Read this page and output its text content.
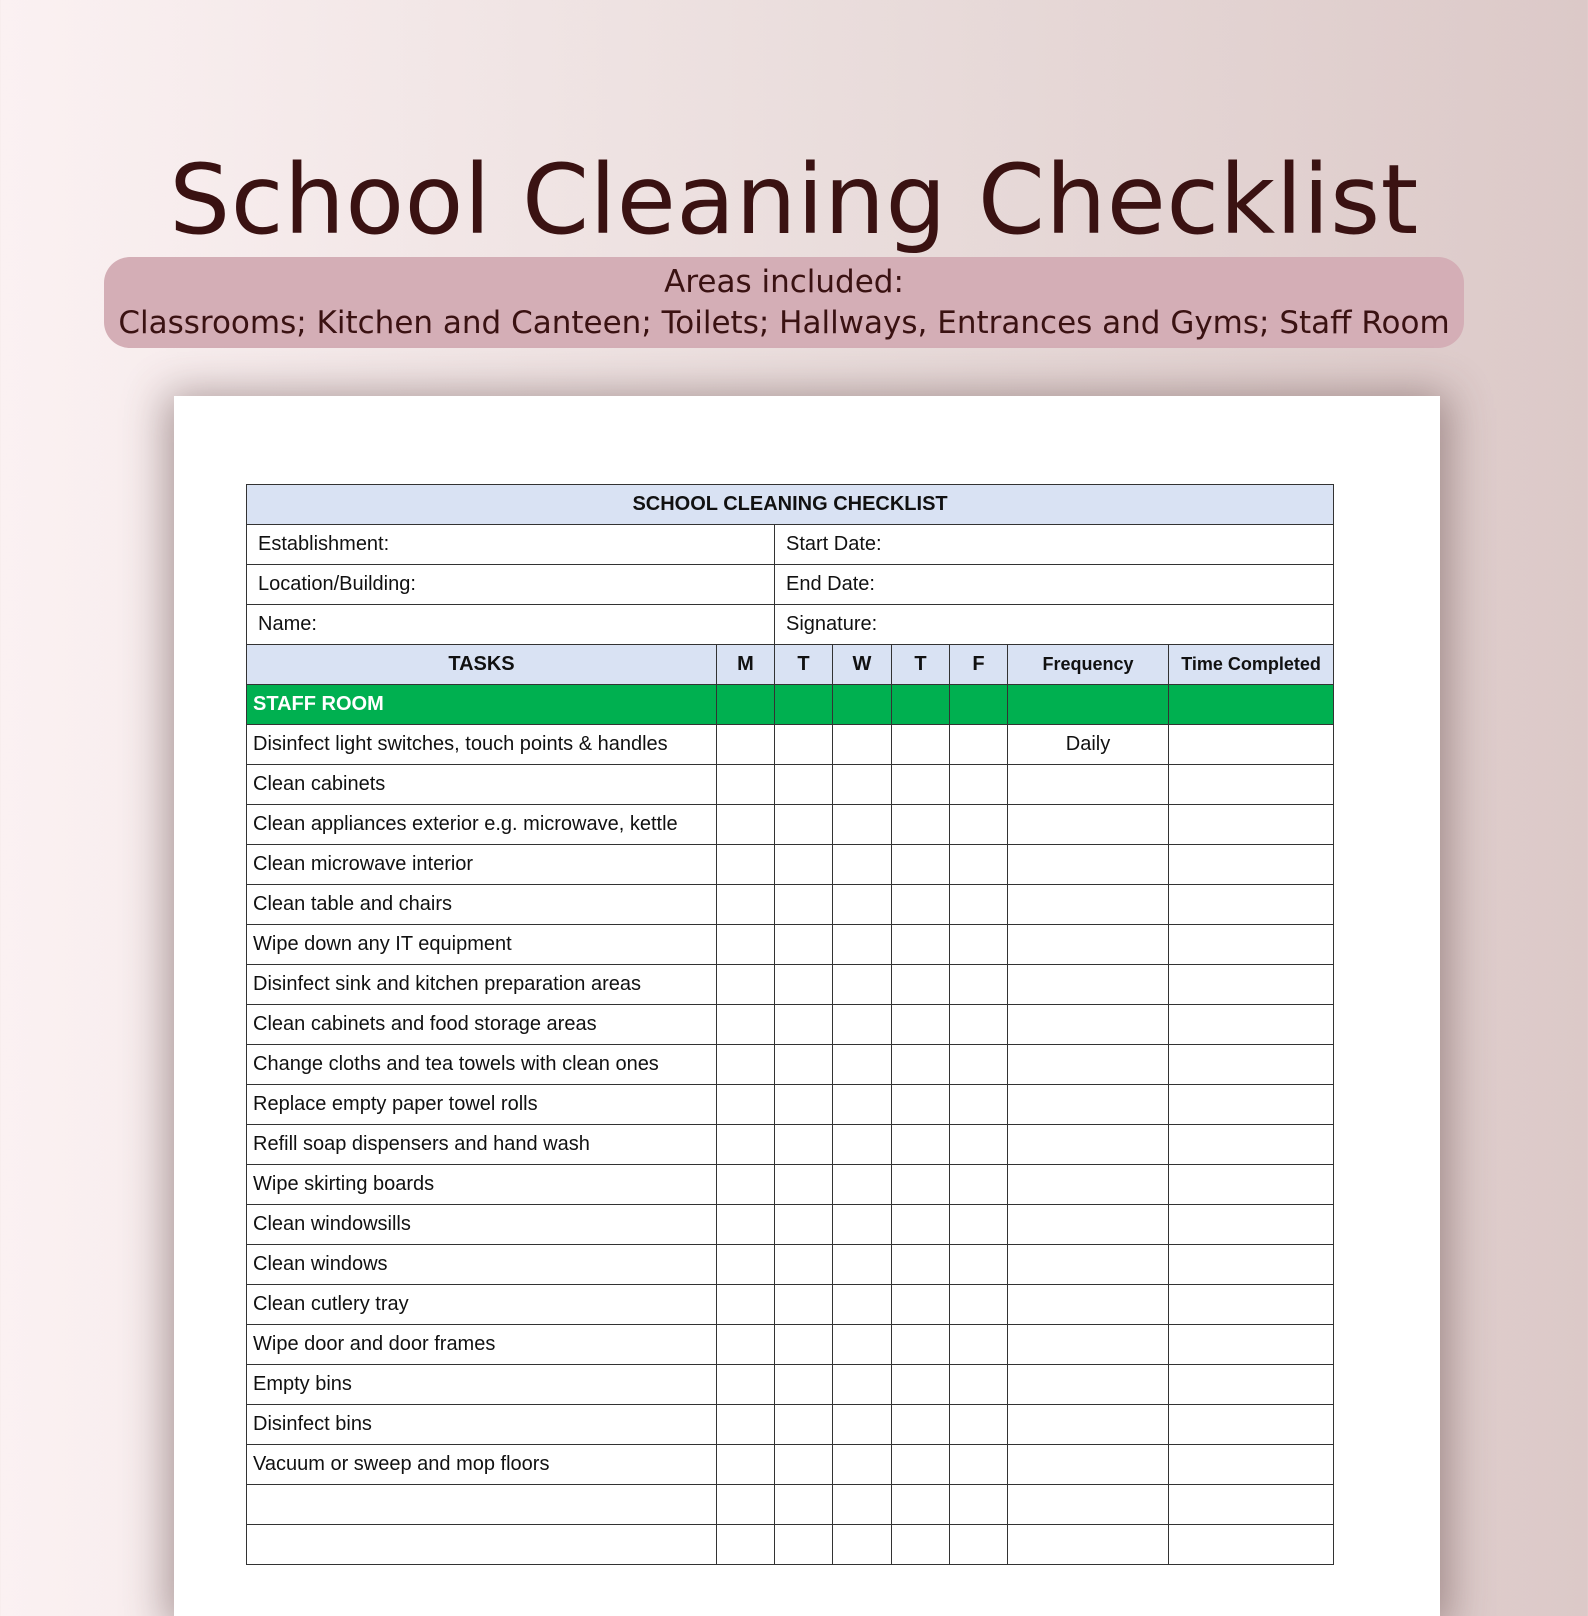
School Cleaning Checklist
Areas included:
Classrooms; Kitchen and Canteen; Toilets; Hallways, Entrances and Gyms; Staff Room
SCHOOL CLEANING CHECKLIST							
Establishment:		Start Date:					
Location/Building:		End Date:					
Name:		Signature:					
TASKS	M	T	W	T	F	Frequency	Time Completed
STAFF ROOM							
Disinfect light switches, touch points & handles						Daily	
Clean cabinets							
Clean appliances exterior e.g. microwave, kettle							
Clean microwave interior							
Clean table and chairs							
Wipe down any IT equipment							
Disinfect sink and kitchen preparation areas							
Clean cabinets and food storage areas							
Change cloths and tea towels with clean ones							
Replace empty paper towel rolls							
Refill soap dispensers and hand wash							
Wipe skirting boards							
Clean windowsills							
Clean windows							
Clean cutlery tray							
Wipe door and door frames							
Empty bins							
Disinfect bins							
Vacuum or sweep and mop floors							
